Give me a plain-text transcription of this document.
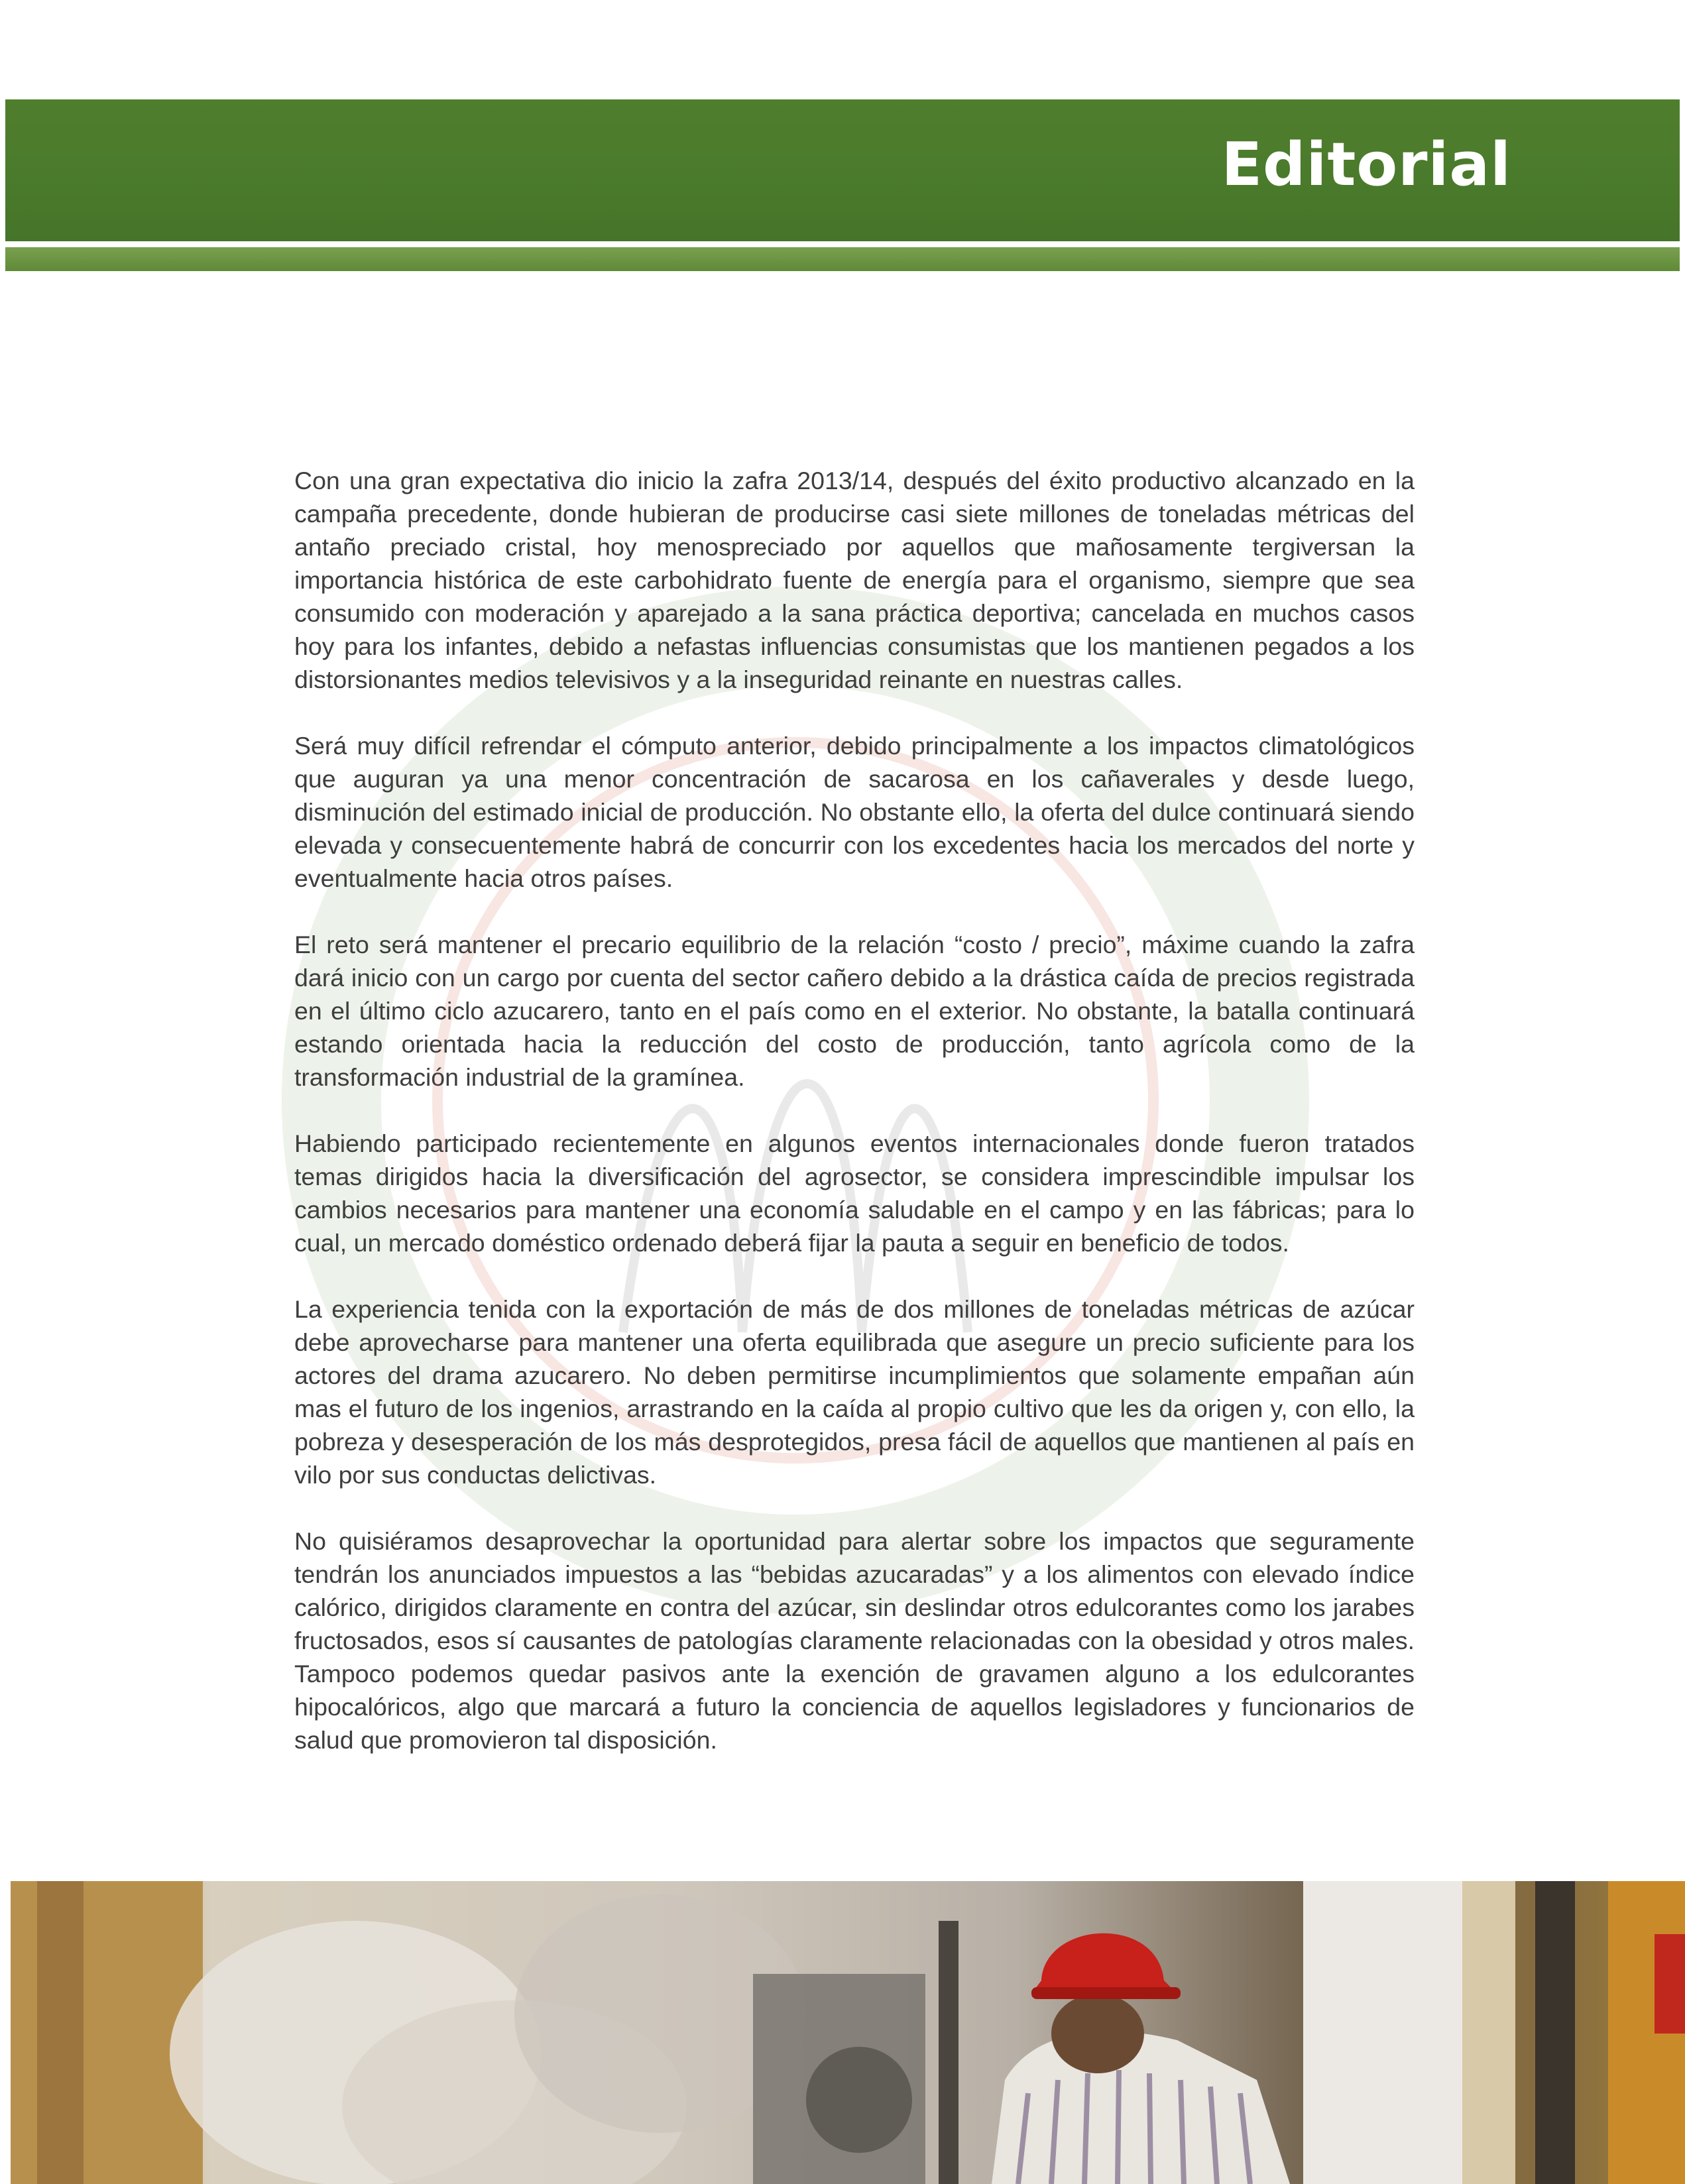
Editorial

Con una gran expectativa dio inicio la zafra 2013/14, después del éxito productivo alcanzado en la campaña precedente, donde hubieran de producirse casi siete millones de toneladas métricas del antaño preciado cristal, hoy menospreciado por aquellos que mañosamente tergiversan la importancia histórica de este carbohidrato fuente de energía para el organismo, siempre que sea consumido con moderación y aparejado a la sana práctica deportiva; cancelada en muchos casos hoy para los infantes, debido a nefastas influencias consumistas que los mantienen pegados a los distorsionantes medios televisivos y a la inseguridad reinante en nuestras calles.

Será muy difícil refrendar el cómputo anterior, debido principalmente a los impactos climatológicos que auguran ya una menor concentración de sacarosa en los cañaverales y desde luego, disminución del estimado inicial de producción. No obstante ello, la oferta del dulce continuará siendo elevada y consecuentemente habrá de concurrir con los excedentes hacia los mercados del norte y eventualmente hacia otros países.

El reto será mantener el precario equilibrio de la relación “costo / precio”, máxime cuando la zafra dará inicio con un cargo por cuenta del sector cañero debido a la drástica caída de precios registrada en el último ciclo azucarero, tanto en el país como en el exterior. No obstante, la batalla continuará estando orientada hacia la reducción del costo de producción, tanto agrícola como de la transformación industrial de la gramínea.

Habiendo participado recientemente en algunos eventos internacionales donde fueron tratados temas dirigidos hacia la diversificación del agrosector, se considera imprescindible impulsar los cambios necesarios para mantener una economía saludable en el campo y en las fábricas; para lo cual, un mercado doméstico ordenado deberá fijar la pauta a seguir en beneficio de todos.

La experiencia tenida con la exportación de más de dos millones de toneladas métricas de azúcar debe aprovecharse para mantener una oferta equilibrada que asegure un precio suficiente para los actores del drama azucarero. No deben permitirse incumplimientos que solamente empañan aún mas el futuro de los ingenios, arrastrando en la caída al propio cultivo que les da origen y, con ello, la pobreza y desesperación de los más desprotegidos, presa fácil de aquellos que mantienen al país en vilo por sus conductas delictivas.

No quisiéramos desaprovechar la oportunidad para alertar sobre los impactos que seguramente tendrán los anunciados impuestos a las “bebidas azucaradas” y a los alimentos con elevado índice calórico, dirigidos claramente en contra del azúcar, sin deslindar otros edulcorantes como los jarabes fructosados, esos sí causantes de patologías claramente relacionadas con la obesidad y otros males. Tampoco podemos quedar pasivos ante la exención de gravamen alguno a los edulcorantes hipocalóricos, algo que marcará a futuro la conciencia de aquellos legisladores y funcionarios de salud que promovieron tal disposición.
